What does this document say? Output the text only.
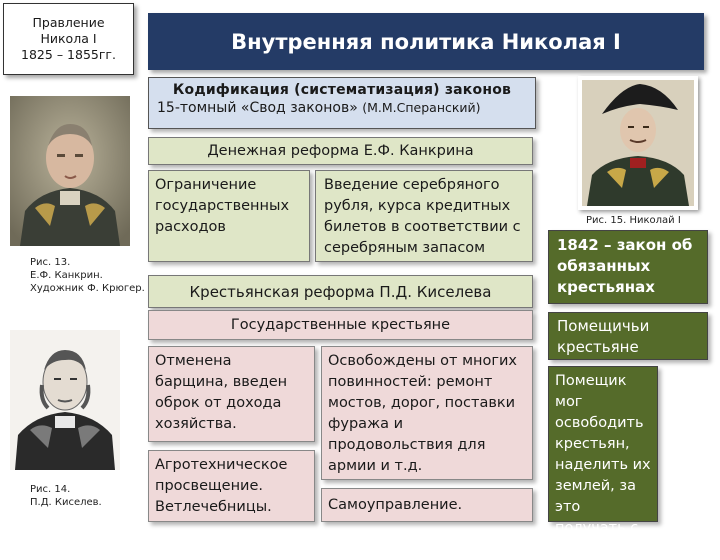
Правление
Никола I
1825 – 1855гг.
Внутренняя политика Николая I
Кодификация (систематизация) законов
15-томный «Свод законов» (М.М.Сперанский)
Рис. 13.
Е.Ф. Канкрин.
Художник Ф. Крюгер.
Рис. 14.
П.Д. Киселев.
Рис. 15. Николай I
Денежная реформа Е.Ф. Канкрина
Ограничение государственных расходов
Введение серебряного рубля, курса кредитных билетов в соответствии с серебряным запасом
Крестьянская реформа П.Д. Киселева
Государственные крестьяне
Отменена барщина, введен оброк от дохода хозяйства.
Агротехническое просвещение. Ветлечебницы.
Освобождены от многих повинностей: ремонт мостов, дорог, поставки фуража и продовольствия для армии и т.д.
Самоуправление.
1842 – закон об обязанных крестьянах
Помещичьи крестьяне
Помещик мог освободить крестьян, наделить их землей, за это получать с них оброк.
